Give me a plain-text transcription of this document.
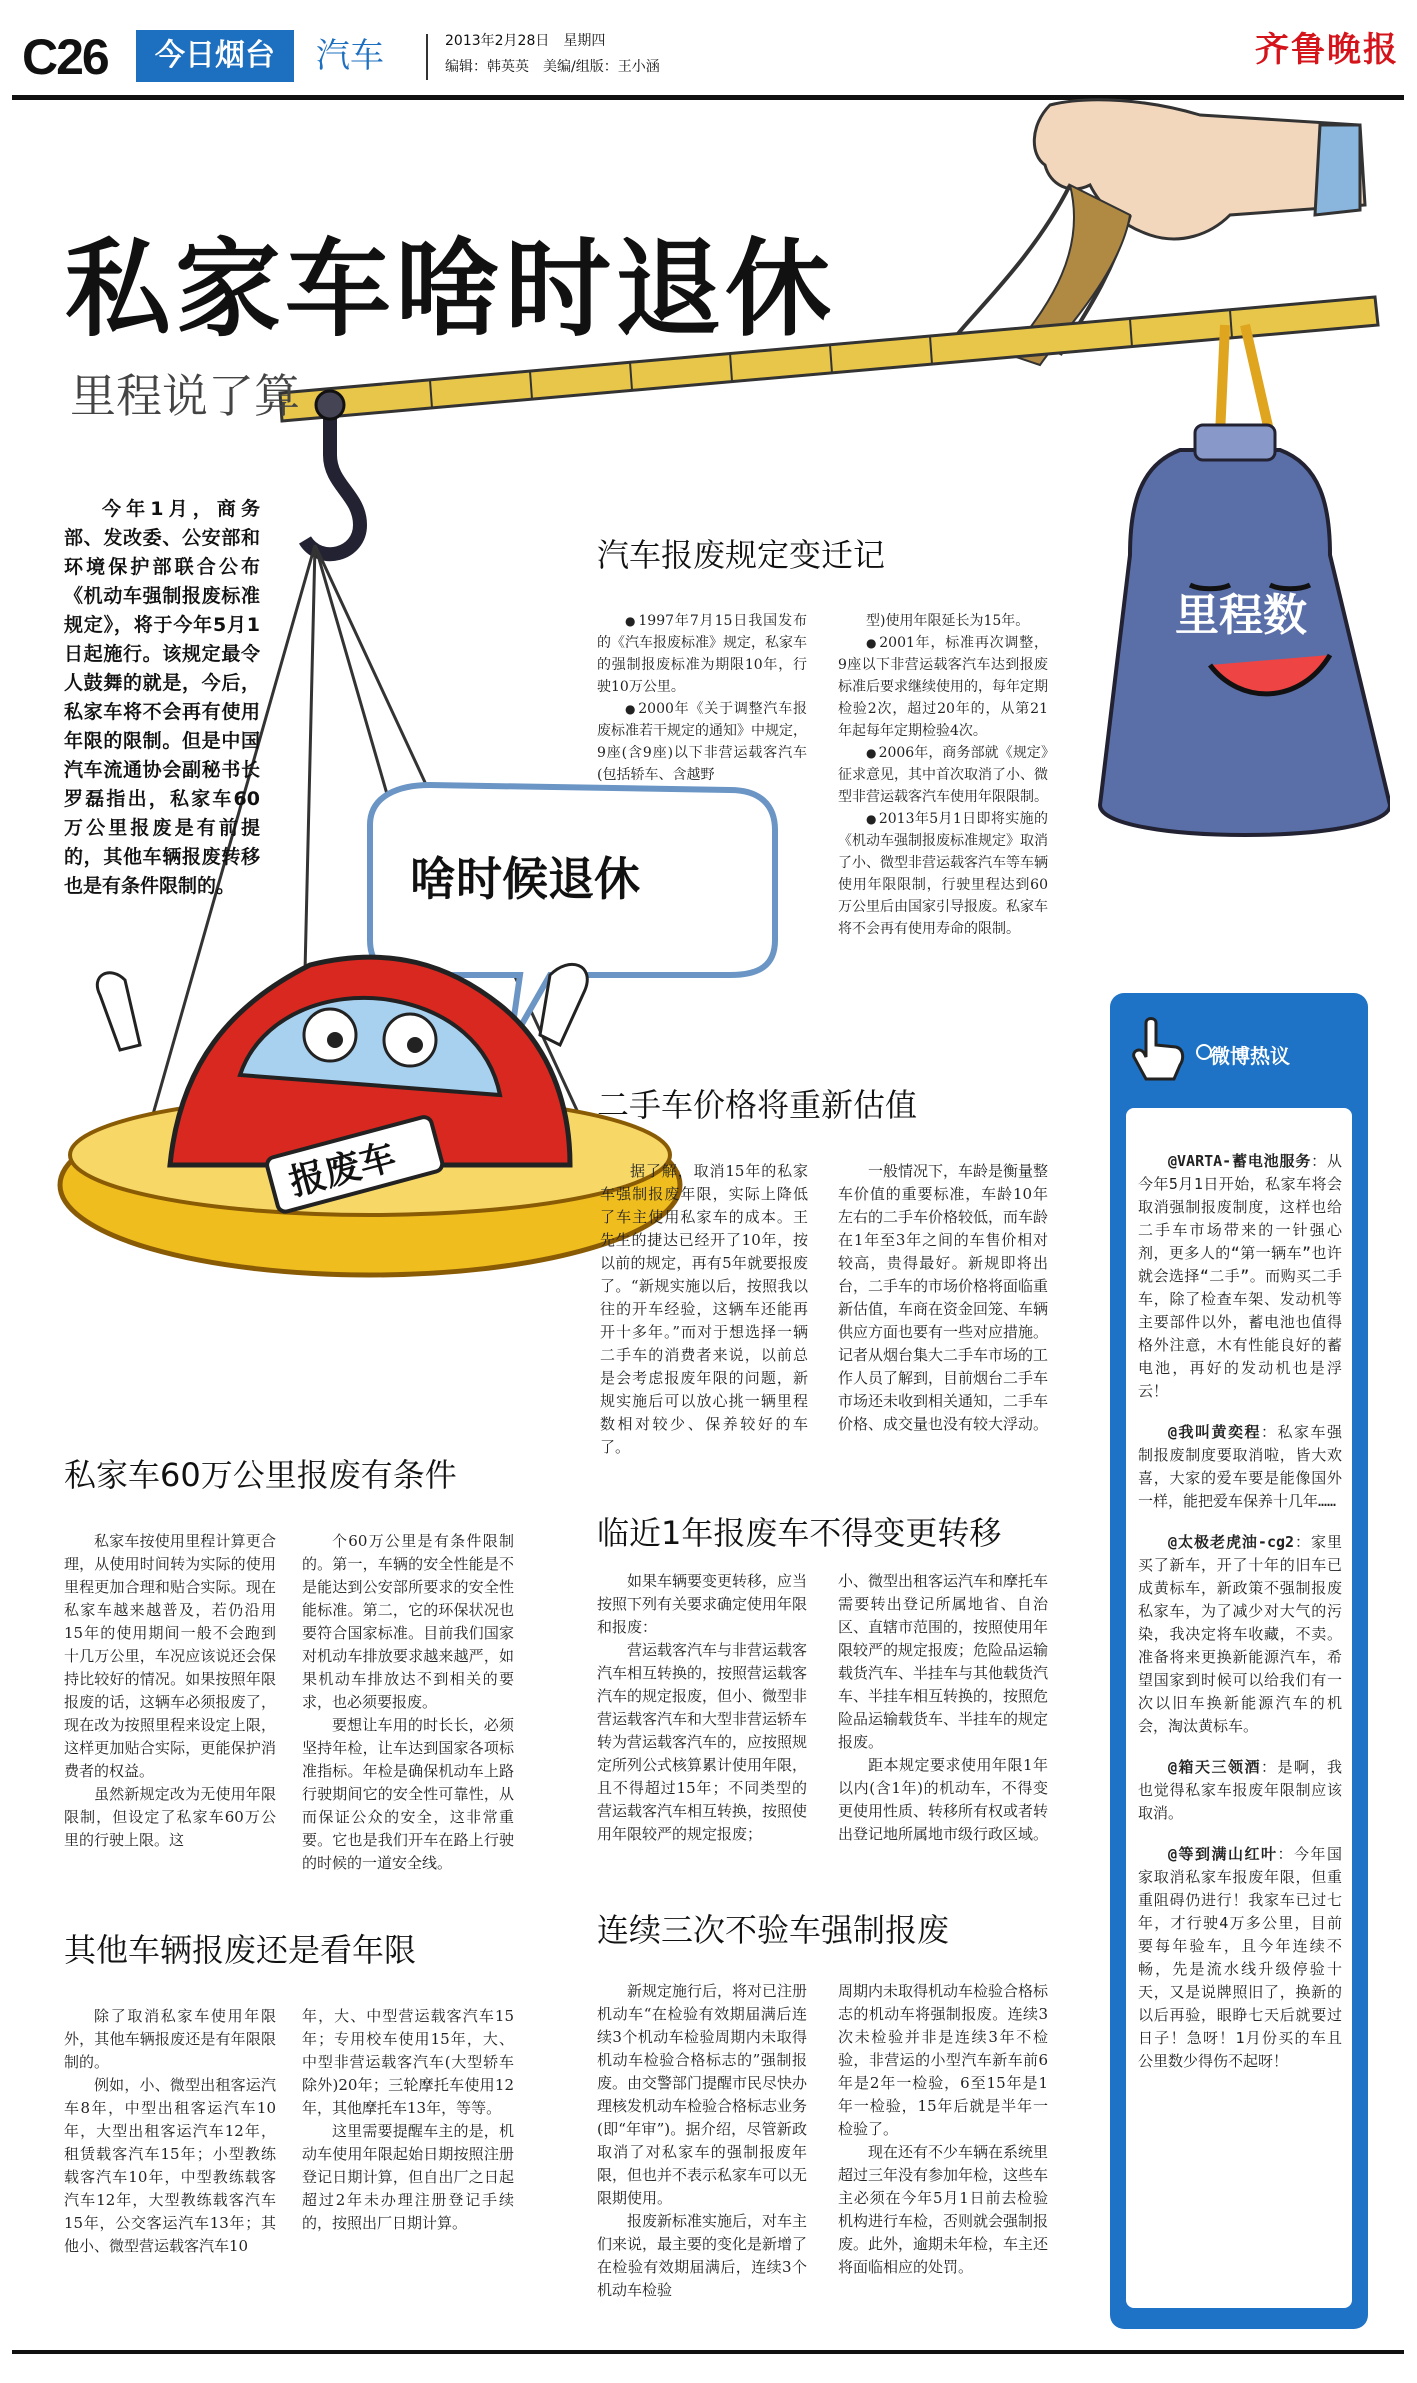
C26	今日烟台	汽车	2013年2月28日　星期四
编辑：韩英英　美编/组版：王小涵	齐鲁晚报
里程数
啥时候退休
报废车
私家车啥时退休
里程说了算
今年1月，商务部、发改委、公安部和环境保护部联合公布《机动车强制报废标准规定》，将于今年5月1日起施行。该规定最令人鼓舞的就是，今后，私家车将不会再有使用年限的限制。但是中国汽车流通协会副秘书长罗磊指出，私家车60万公里报废是有前提的，其他车辆报废转移也是有条件限制的。
汽车报废规定变迁记

● 1997年7月15日我国发布的《汽车报废标准》规定，私家车的强制报废标准为期限10年，行驶10万公里。

● 2000年《关于调整汽车报废标准若干规定的通知》中规定，9座(含9座)以下非营运载客汽车(包括轿车、含越野

型)使用年限延长为15年。

● 2001年，标准再次调整，9座以下非营运载客汽车达到报废标准后要求继续使用的，每年定期检验2次，超过20年的，从第21年起每年定期检验4次。

● 2006年，商务部就《规定》征求意见，其中首次取消了小、微型非营运载客汽车使用年限限制。

● 2013年5月1日即将实施的《机动车强制报废标准规定》取消了小、微型非营运载客汽车等车辆使用年限限制，行驶里程达到60万公里后由国家引导报废。私家车将不会再有使用寿命的限制。

二手车价格将重新估值

据了解，取消15年的私家车强制报废年限，实际上降低了车主使用私家车的成本。王先生的捷达已经开了10年，按以前的规定，再有5年就要报废了。“新规实施以后，按照我以往的开车经验，这辆车还能再开十多年。”而对于想选择一辆二手车的消费者来说，以前总是会考虑报废年限的问题，新规实施后可以放心挑一辆里程数相对较少、保养较好的车了。

一般情况下，车龄是衡量整车价值的重要标准，车龄10年左右的二手车价格较低，而车龄在1年至3年之间的车售价相对较高，贵得最好。新规即将出台，二手车的市场价格将面临重新估值，车商在资金回笼、车辆供应方面也要有一些对应措施。记者从烟台集大二手车市场的工作人员了解到，目前烟台二手车市场还未收到相关通知，二手车价格、成交量也没有较大浮动。

私家车60万公里报废有条件

私家车按使用里程计算更合理，从使用时间转为实际的使用里程更加合理和贴合实际。现在私家车越来越普及，若仍沿用15年的使用期间一般不会跑到十几万公里，车况应该说还会保持比较好的情况。如果按照年限报废的话，这辆车必须报废了，现在改为按照里程来设定上限，这样更加贴合实际，更能保护消费者的权益。

虽然新规定改为无使用年限限制，但设定了私家车60万公里的行驶上限。这

个60万公里是有条件限制的。第一，车辆的安全性能是不是能达到公安部所要求的安全性能标准。第二，它的环保状况也要符合国家标准。目前我们国家对机动车排放要求越来越严，如果机动车排放达不到相关的要求，也必须要报废。

要想让车用的时长长，必须坚持年检，让车达到国家各项标准指标。年检是确保机动车上路行驶期间它的安全性可靠性，从而保证公众的安全，这非常重要。它也是我们开车在路上行驶的时候的一道安全线。

临近1年报废车不得变更转移

如果车辆要变更转移，应当按照下列有关要求确定使用年限和报废：

营运载客汽车与非营运载客汽车相互转换的，按照营运载客汽车的规定报废，但小、微型非营运载客汽车和大型非营运轿车转为营运载客汽车的，应按照规定所列公式核算累计使用年限，且不得超过15年；不同类型的营运载客汽车相互转换，按照使用年限较严的规定报废；

小、微型出租客运汽车和摩托车需要转出登记所属地省、自治区、直辖市范围的，按照使用年限较严的规定报废；危险品运输载货汽车、半挂车与其他载货汽车、半挂车相互转换的，按照危险品运输载货车、半挂车的规定报废。

距本规定要求使用年限1年以内(含1年)的机动车，不得变更使用性质、转移所有权或者转出登记地所属地市级行政区域。

其他车辆报废还是看年限

除了取消私家车使用年限外，其他车辆报废还是有年限限制的。

例如，小、微型出租客运汽车8年，中型出租客运汽车10年，大型出租客运汽车12年，租赁载客汽车15年；小型教练载客汽车10年，中型教练载客汽车12年，大型教练载客汽车15年，公交客运汽车13年；其他小、微型营运载客汽车10

年，大、中型营运载客汽车15年；专用校车使用15年，大、中型非营运载客汽车(大型轿车除外)20年；三轮摩托车使用12年，其他摩托车13年，等等。

这里需要提醒车主的是，机动车使用年限起始日期按照注册登记日期计算，但自出厂之日起超过2年未办理注册登记手续的，按照出厂日期计算。

连续三次不验车强制报废

新规定施行后，将对已注册机动车“在检验有效期届满后连续3个机动车检验周期内未取得机动车检验合格标志的”强制报废。由交警部门提醒市民尽快办理核发机动车检验合格标志业务(即“年审”)。据介绍，尽管新政取消了对私家车的强制报废年限，但也并不表示私家车可以无限期使用。

报废新标准实施后，对车主们来说，最主要的变化是新增了在检验有效期届满后，连续3个机动车检验

周期内未取得机动车检验合格标志的机动车将强制报废。连续3次未检验并非是连续3年不检验，非营运的小型汽车新车前6年是2年一检验，6至15年是1年一检验，15年后就是半年一检验了。

现在还有不少车辆在系统里超过三年没有参加年检，这些车主必须在今年5月1日前去检验机构进行车检，否则就会强制报废。此外，逾期未年检，车主还将面临相应的处罚。

微博热议

@VARTA-蓄电池服务：从今年5月1日开始，私家车将会取消强制报废制度，这样也给二手车市场带来的一针强心剂，更多人的“第一辆车”也许就会选择“二手”。而购买二手车，除了检查车架、发动机等主要部件以外，蓄电池也值得格外注意，木有性能良好的蓄电池，再好的发动机也是浮云！

@我叫黄奕程：私家车强制报废制度要取消啦，皆大欢喜，大家的爱车要是能像国外一样，能把爱车保养十几年……

@太极老虎油-cg2：家里买了新车，开了十年的旧车已成黄标车，新政策不强制报废私家车，为了减少对大气的污染，我决定将车收藏，不卖。准备将来更换新能源汽车，希望国家到时候可以给我们有一次以旧车换新能源汽车的机会，淘汰黄标车。

@箱天三领酒：是啊，我也觉得私家车报废年限制应该取消。

@等到满山红叶：今年国家取消私家车报废年限，但重重阻碍仍进行！我家车已过七年，才行驶4万多公里，目前要每年验车，且今年连续不畅，先是流水线升级停验十天，又是说牌照旧了，换新的以后再验，眼睁七天后就要过日子！急呀！1月份买的车且公里数少得伤不起呀！
